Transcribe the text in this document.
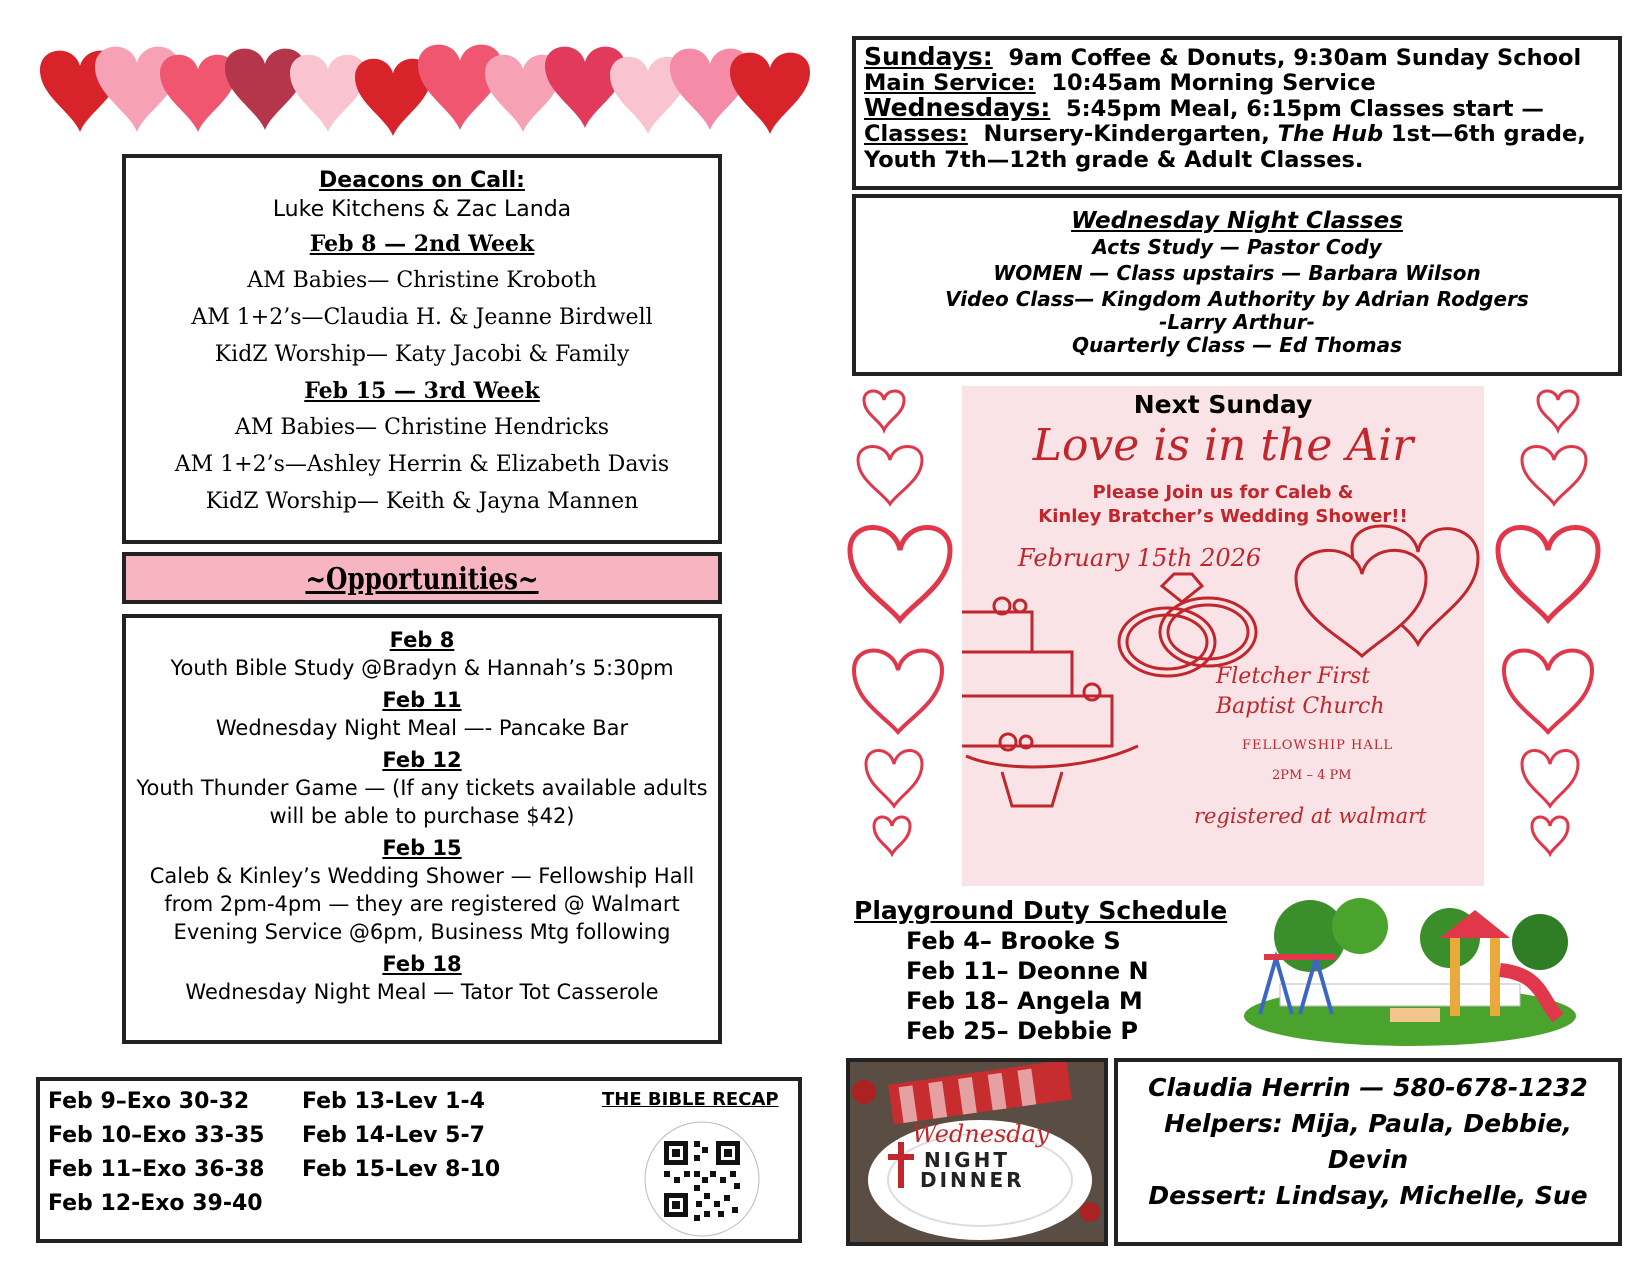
Deacons on Call:
Luke Kitchens & Zac Landa
Feb 8 — 2nd Week
AM Babies— Christine Kroboth
AM 1+2’s—Claudia H. & Jeanne Birdwell
KidZ Worship— Katy Jacobi & Family
Feb 15 — 3rd Week
AM Babies— Christine Hendricks
AM 1+2’s—Ashley Herrin & Elizabeth Davis
KidZ Worship— Keith & Jayna Mannen
~Opportunities~

Feb 8

Youth Bible Study @Bradyn & Hannah’s 5:30pm

Feb 11

Wednesday Night Meal —- Pancake Bar

Feb 12

Youth Thunder Game — (If any tickets available adults

will be able to purchase $42)

Feb 15

Caleb & Kinley’s Wedding Shower — Fellowship Hall

from 2pm-4pm — they are registered @ Walmart

Evening Service @6pm, Business Mtg following

Feb 18

Wednesday Night Meal — Tator Tot Casserole

Feb 9–Exo 30-32
Feb 10–Exo 33-35
Feb 11–Exo 36-38
Feb 12-Exo 39-40
Feb 13-Lev 1-4
Feb 14-Lev 5-7
Feb 15-Lev 8-10
THE BIBLE RECAP
Sundays: 9am Coffee & Donuts, 9:30am Sunday School
Main Service: 10:45am Morning Service
Wednesdays: 5:45pm Meal, 6:15pm Classes start —
Classes: Nursery-Kindergarten, The Hub 1st—6th grade,
Youth 7th—12th grade & Adult Classes.
Wednesday Night Classes
Acts Study — Pastor Cody
WOMEN — Class upstairs — Barbara Wilson
Video Class— Kingdom Authority by Adrian Rodgers
-Larry Arthur-
Quarterly Class — Ed Thomas
Next Sunday
Love is in the Air
Please Join us for Caleb &
Kinley Bratcher’s Wedding Shower!!
February 15th 2026
Fletcher First
Baptist Church
FELLOWSHIP HALL
2PM – 4 PM
registered at walmart
Playground Duty Schedule
Feb 4– Brooke S
Feb 11– Deonne N
Feb 18– Angela M
Feb 25– Debbie P
Wednesday
NIGHT
DINNER
Claudia Herrin — 580-678-1232
Helpers: Mija, Paula, Debbie,
Devin
Dessert: Lindsay, Michelle, Sue
